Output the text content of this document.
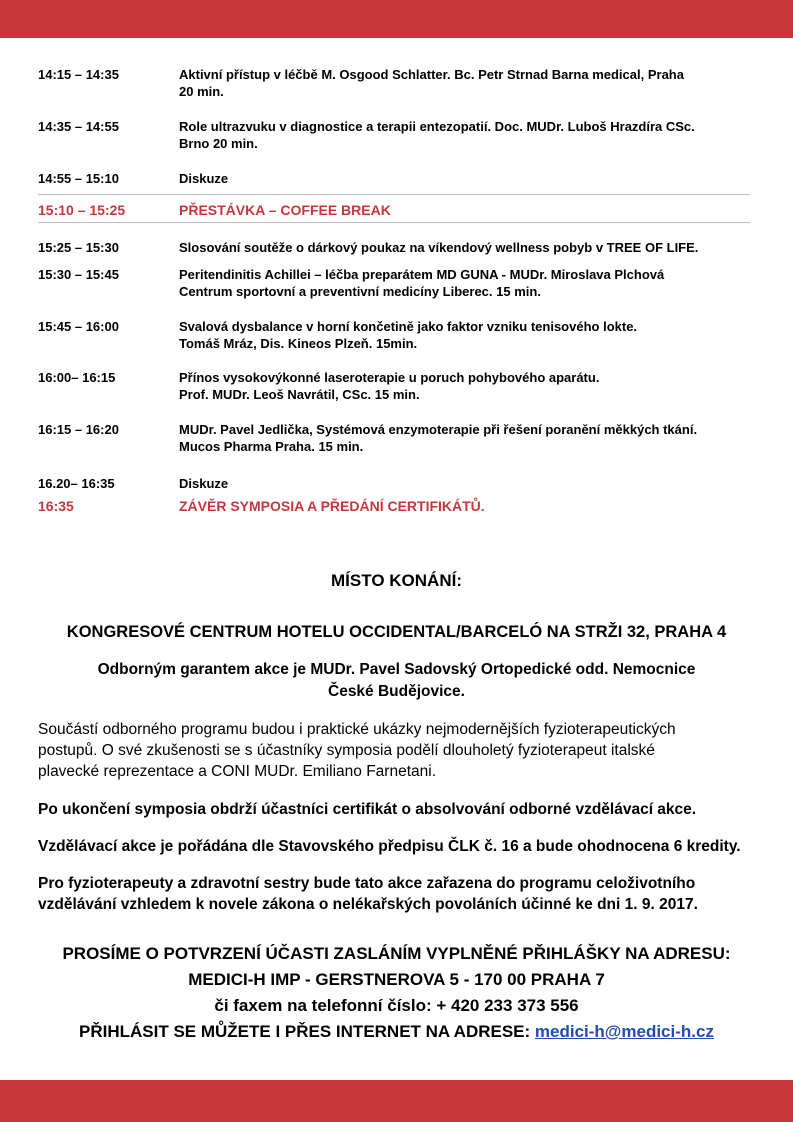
14:15 – 14:35	Aktivní přístup v léčbě M. Osgood Schlatter. Bc. Petr Strnad Barna medical, Praha
20 min.
14:35 – 14:55	Role ultrazvuku v diagnostice a terapii entezopatií. Doc. MUDr. Luboš Hrazdíra CSc.
Brno 20 min.
14:55 – 15:10	Diskuze
15:10 – 15:25	PŘESTÁVKA – COFFEE BREAK
15:25 – 15:30	Slosování soutěže o dárkový poukaz na víkendový wellness pobyb v TREE OF LIFE.
15:30 – 15:45	Peritendinitis Achillei – léčba preparátem MD GUNA - MUDr. Miroslava Plchová
Centrum sportovní a preventivní medicíny Liberec. 15 min.
15:45 – 16:00	Svalová dysbalance v horní končetině jako faktor vzniku tenisového lokte.
Tomáš Mráz, Dis. Kineos Plzeň. 15min.
16:00– 16:15	Přínos vysokovýkonné laseroterapie u poruch pohybového aparátu.
Prof. MUDr. Leoš Navrátil, CSc. 15 min.
16:15 – 16:20	MUDr. Pavel Jedlička, Systémová enzymoterapie při řešení poranění měkkých tkání.
Mucos Pharma Praha. 15 min.
16.20– 16:35	Diskuze
16:35	ZÁVĚR SYMPOSIA A PŘEDÁNÍ CERTIFIKÁTŮ.
MÍSTO KONÁNÍ:
KONGRESOVÉ CENTRUM HOTELU OCCIDENTAL/BARCELÓ NA STRŽI 32, PRAHA 4
Odborným garantem akce je MUDr. Pavel Sadovský Ortopedické odd. Nemocnice
České Budějovice.
Součástí odborného programu budou i praktické ukázky nejmodernějších fyzioterapeutických
postupů. O své zkušenosti se s účastníky symposia podělí dlouholetý fyzioterapeut italské
plavecké reprezentace a CONI MUDr. Emiliano Farnetani.
Po ukončení symposia obdrží účastníci certifikát o absolvování odborné vzdělávací akce.
Vzdělávací akce je pořádána dle Stavovského předpisu ČLK č. 16 a bude ohodnocena 6 kredity.
Pro fyzioterapeuty a zdravotní sestry bude tato akce zařazena do programu celoživotního
vzdělávání vzhledem k novele zákona o nelékařských povoláních účinné ke dni 1. 9. 2017.
PROSÍME O POTVRZENÍ ÚČASTI ZASLÁNÍM VYPLNĚNÉ PŘIHLÁŠKY NA ADRESU:
MEDICI-H IMP - GERSTNEROVA 5 - 170 00 PRAHA 7
či faxem na telefonní číslo: + 420 233 373 556
PŘIHLÁSIT SE MŮŽETE I PŘES INTERNET NA ADRESE: medici-h@medici-h.cz
